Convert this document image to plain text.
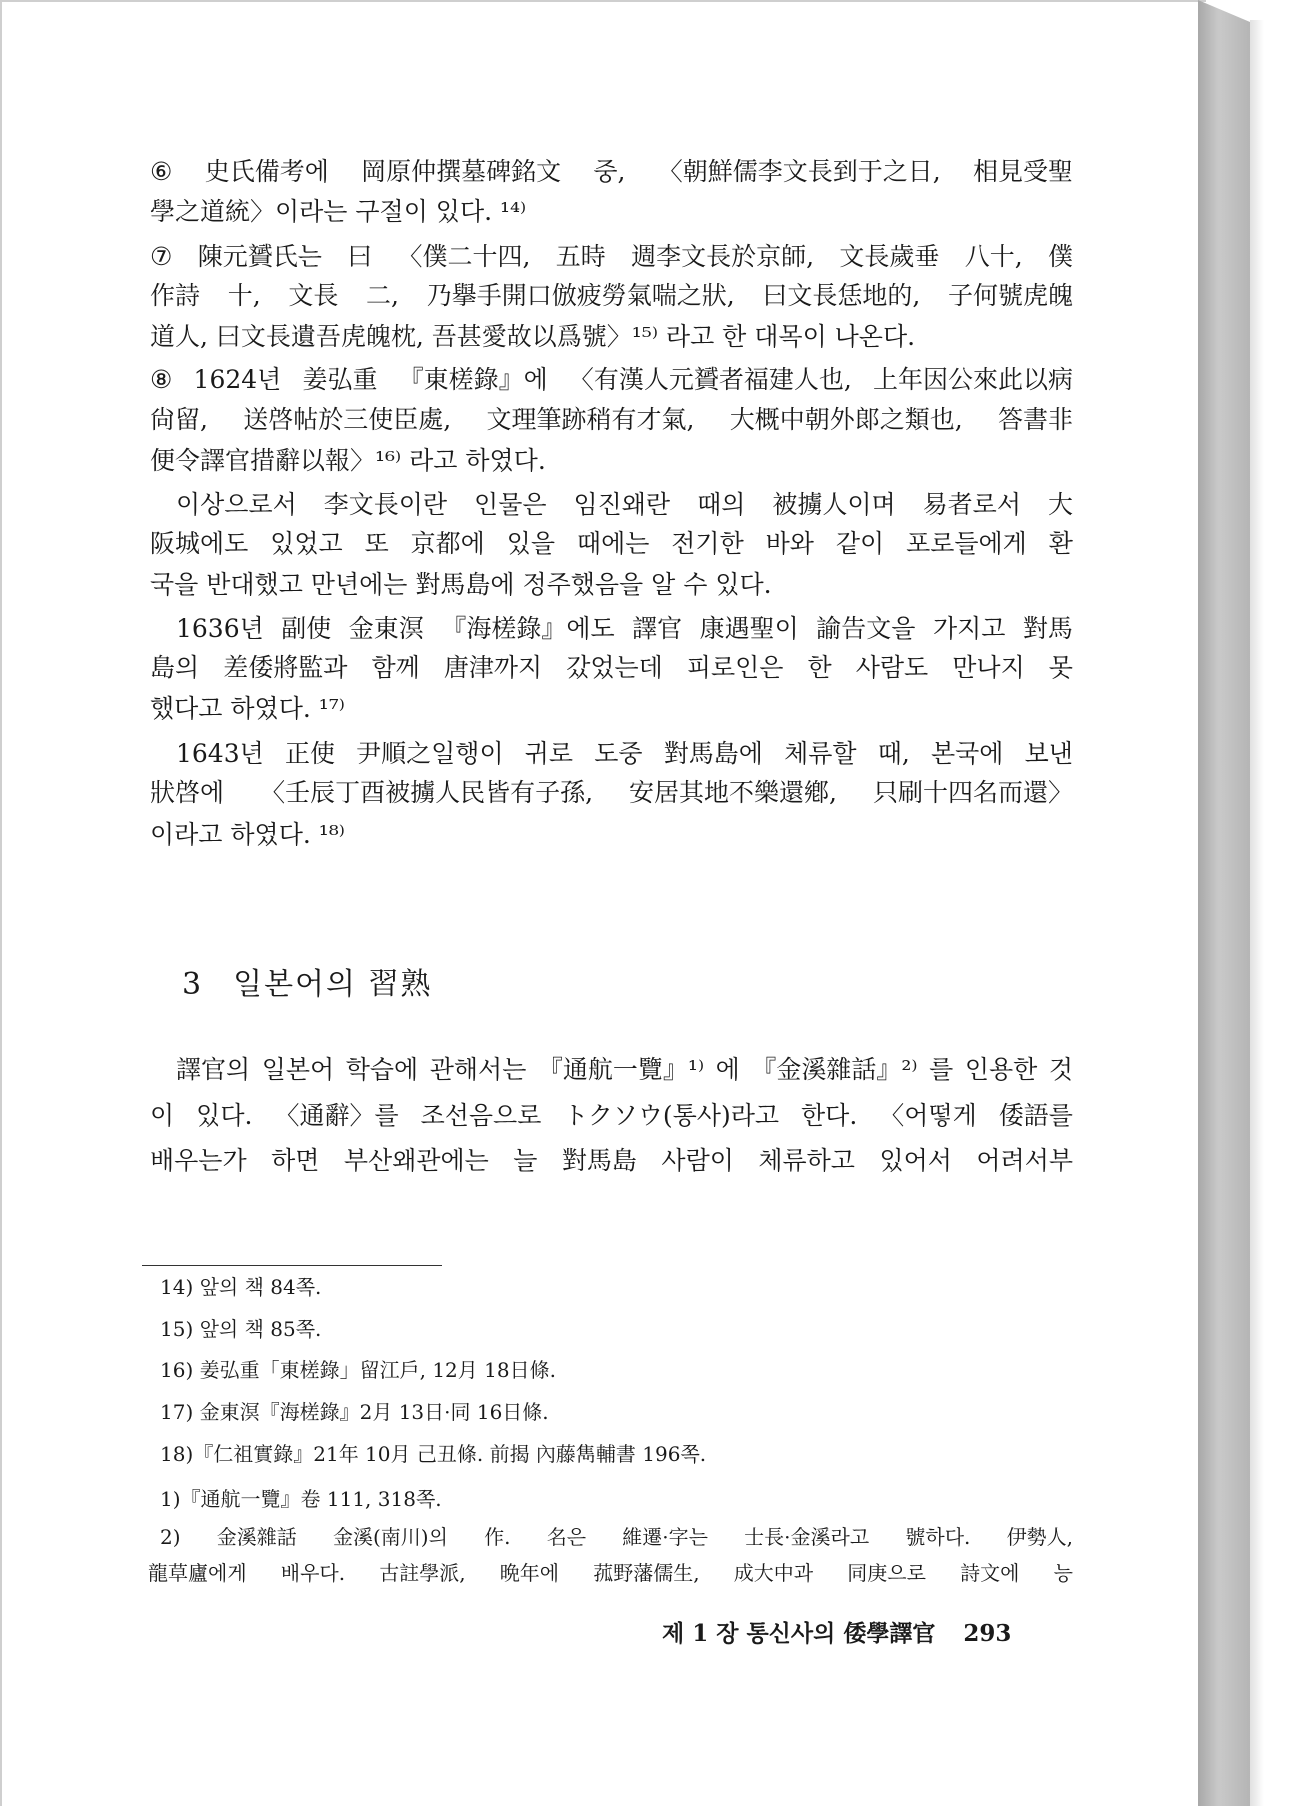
⑥ 史氏備考에 岡原仲撰墓碑銘文 중, 〈朝鮮儒李文長到于之日, 相見受聖
學之道統〉이라는 구절이 있다. ¹⁴⁾
⑦ 陳元贇氏는 曰 〈僕二十四, 五時 週李文長於京師, 文長歲垂 八十, 僕
作詩 十, 文長 二, 乃擧手開口倣疲勞氣喘之狀, 曰文長恁地的, 子何號虎魄
道人, 曰文長遺吾虎魄枕, 吾甚愛故以爲號〉¹⁵⁾ 라고 한 대목이 나온다.
⑧ 1624년 姜弘重 『東槎錄』에 〈有漢人元贇者福建人也, 上年因公來此以病
尙留, 送啓帖於三使臣處, 文理筆跡稍有才氣, 大概中朝外郞之類也, 答書非
便令譯官措辭以報〉¹⁶⁾ 라고 하였다.
이상으로서 李文長이란 인물은 임진왜란 때의 被擄人이며 易者로서 大
阪城에도 있었고 또 京都에 있을 때에는 전기한 바와 같이 포로들에게 환
국을 반대했고 만년에는 對馬島에 정주했음을 알 수 있다.
1636년 副使 金東溟 『海槎錄』에도 譯官 康遇聖이 諭告文을 가지고 對馬
島의 差倭將監과 함께 唐津까지 갔었는데 피로인은 한 사람도 만나지 못
했다고 하였다. ¹⁷⁾
1643년 正使 尹順之일행이 귀로 도중 對馬島에 체류할 때, 본국에 보낸
狀啓에 〈壬辰丁酉被擄人民皆有子孫, 安居其地不樂還鄕, 只刷十四名而還〉
이라고 하였다. ¹⁸⁾
3 일본어의 習熟
譯官의 일본어 학습에 관해서는 『通航一覽』¹⁾ 에 『金溪雜話』²⁾ 를 인용한 것
이 있다. 〈通辭〉를 조선음으로 トクソウ(통사)라고 한다. 〈어떻게 倭語를
배우는가 하면 부산왜관에는 늘 對馬島 사람이 체류하고 있어서 어려서부
14) 앞의 책 84쪽.
15) 앞의 책 85쪽.
16) 姜弘重「東槎錄」留江戶, 12月 18日條.
17) 金東溟『海槎錄』2月 13日·同 16日條.
18)『仁祖實錄』21年 10月 己丑條. 前揭 內藤雋輔書 196쪽.
1)『通航一覽』卷 111, 318쪽.
2) 金溪雜話 金溪(南川)의 作. 名은 維遷·字는 士長·金溪라고 號하다. 伊勢人,
龍草廬에게 배우다. 古註學派, 晩年에 菰野藩儒生, 成大中과 同庚으로 詩文에 능
제 1 장 통신사의 倭學譯官 293
